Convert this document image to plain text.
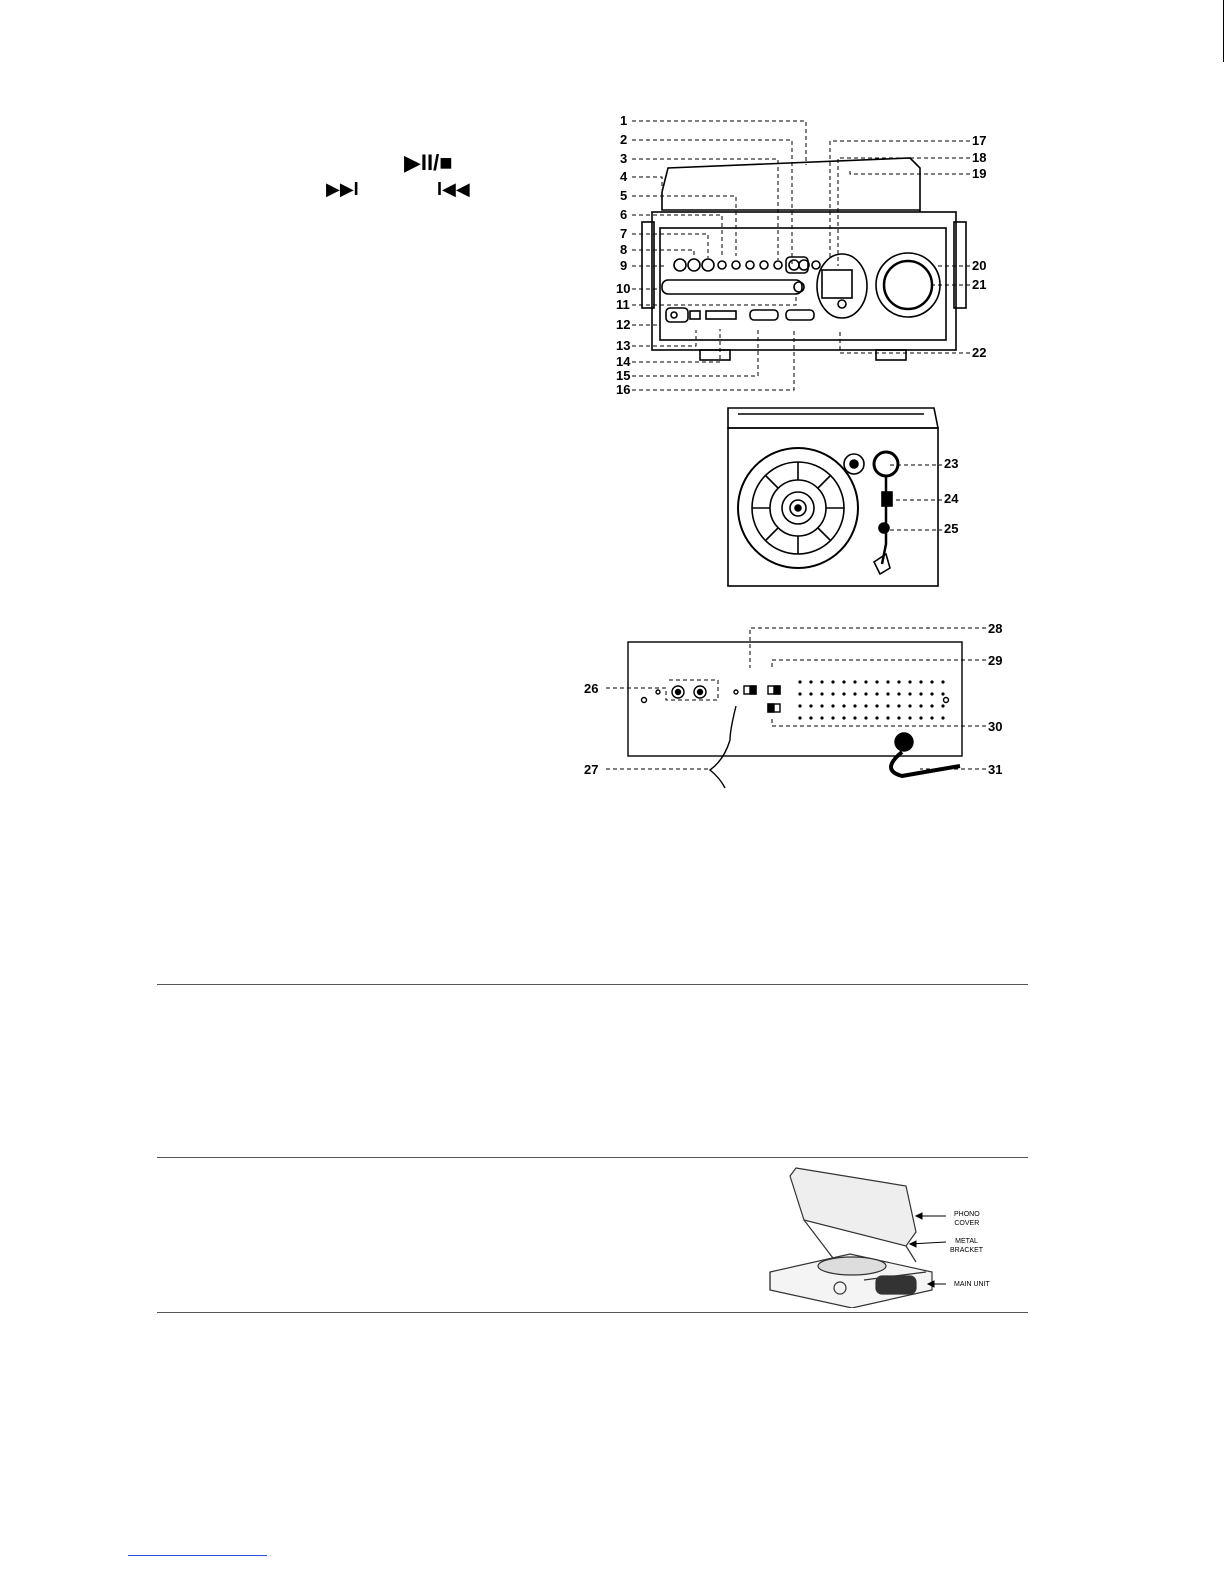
▶II/■
▶▶I	I◀◀
1
2
3
4
5
6
7
8
9
10
11
12
13
14
15
16
17
18
19
20
21
22
23
24
25
26
27
28
29
30
31
PHONO
COVER
METAL
BRACKET
MAIN UNIT
